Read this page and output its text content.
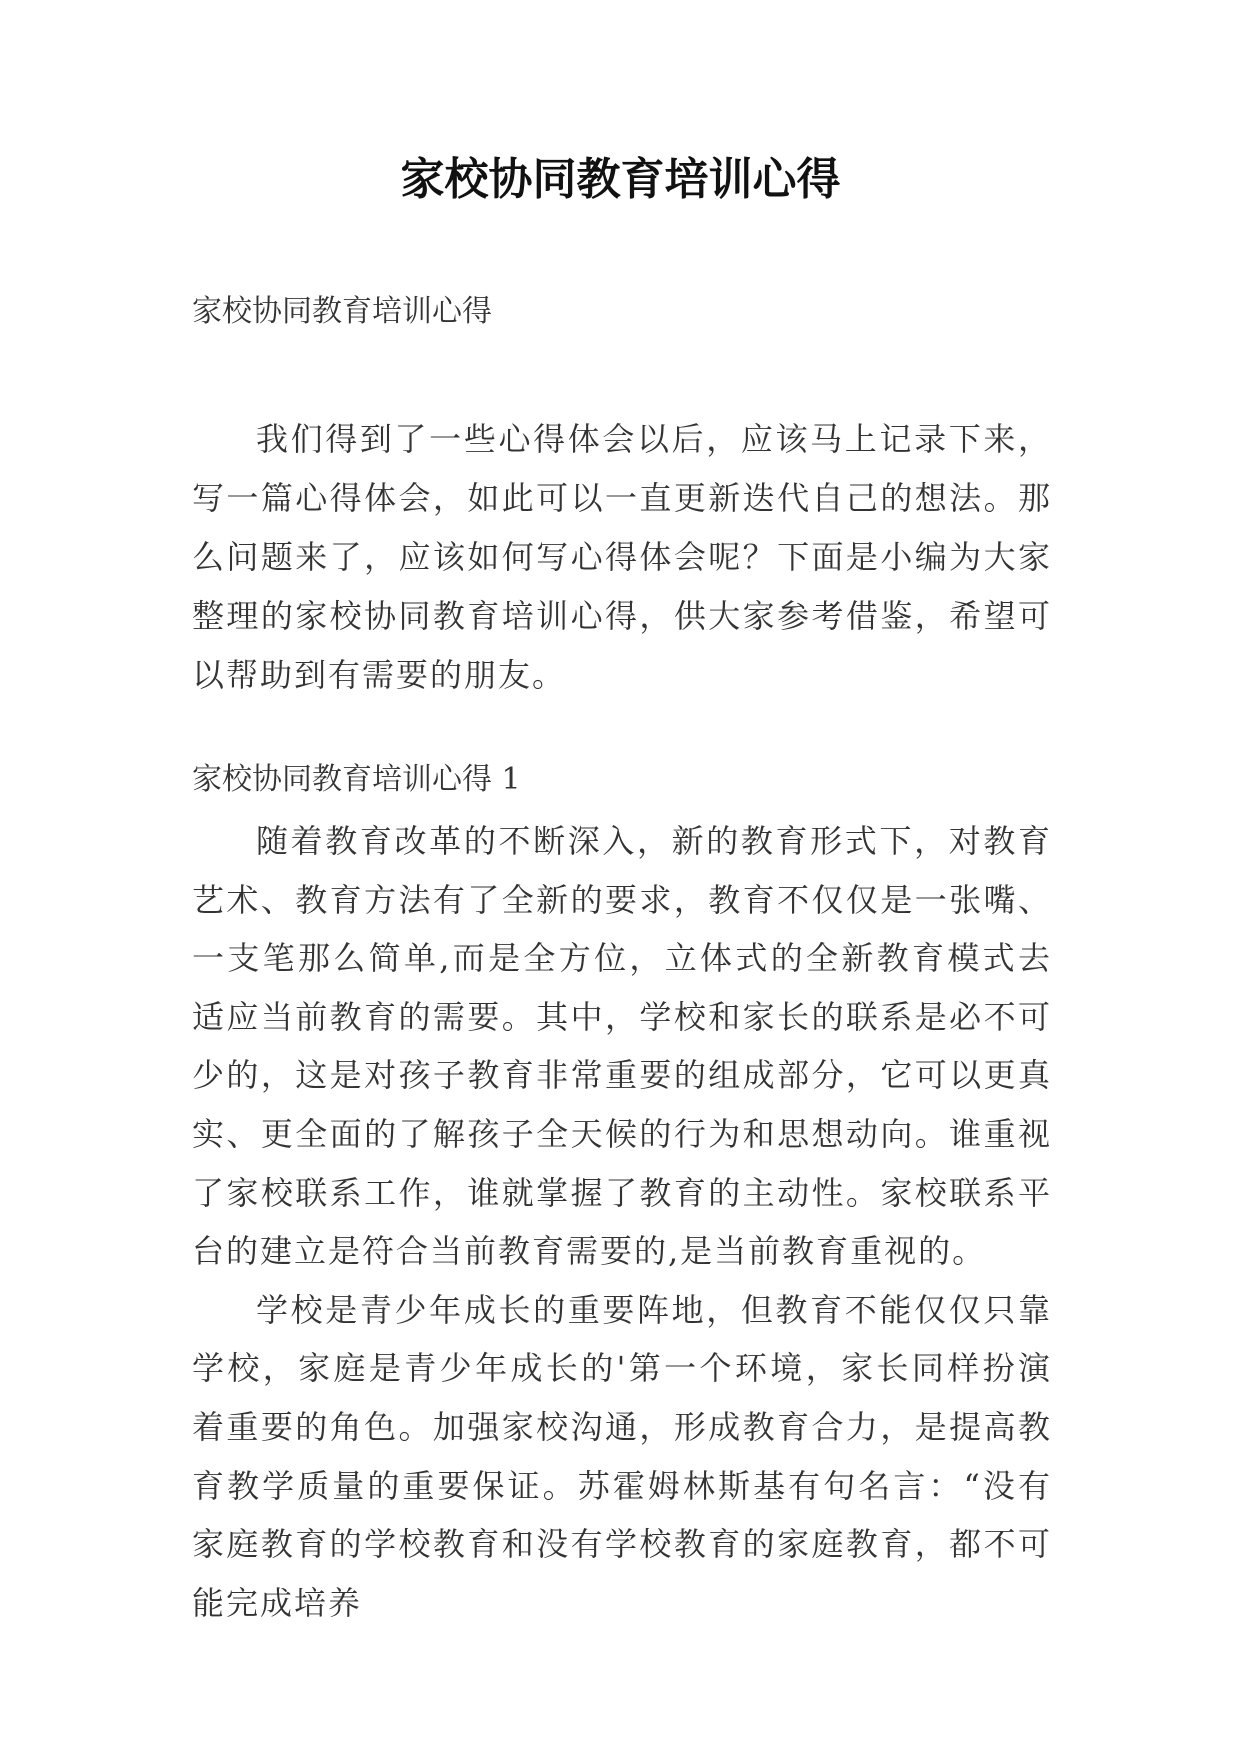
家校协同教育培训心得

家校协同教育培训心得

我们得到了一些心得体会以后，应该马上记录下来，写一篇心得体会，如此可以一直更新迭代自己的想法。那么问题来了，应该如何写心得体会呢？下面是小编为大家整理的家校协同教育培训心得，供大家参考借鉴，希望可以帮助到有需要的朋友。

家校协同教育培训心得 1

随着教育改革的不断深入，新的教育形式下，对教育艺术、教育方法有了全新的要求，教育不仅仅是一张嘴、一支笔那么简单,而是全方位，立体式的全新教育模式去适应当前教育的需要。其中，学校和家长的联系是必不可少的，这是对孩子教育非常重要的组成部分，它可以更真实、更全面的了解孩子全天候的行为和思想动向。谁重视了家校联系工作，谁就掌握了教育的主动性。家校联系平台的建立是符合当前教育需要的,是当前教育重视的。

学校是青少年成长的重要阵地，但教育不能仅仅只靠学校，家庭是青少年成长的'第一个环境，家长同样扮演着重要的角色。加强家校沟通，形成教育合力，是提高教育教学质量的重要保证。苏霍姆林斯基有句名言：“没有家庭教育的学校教育和没有学校教育的家庭教育，都不可能完成培养
